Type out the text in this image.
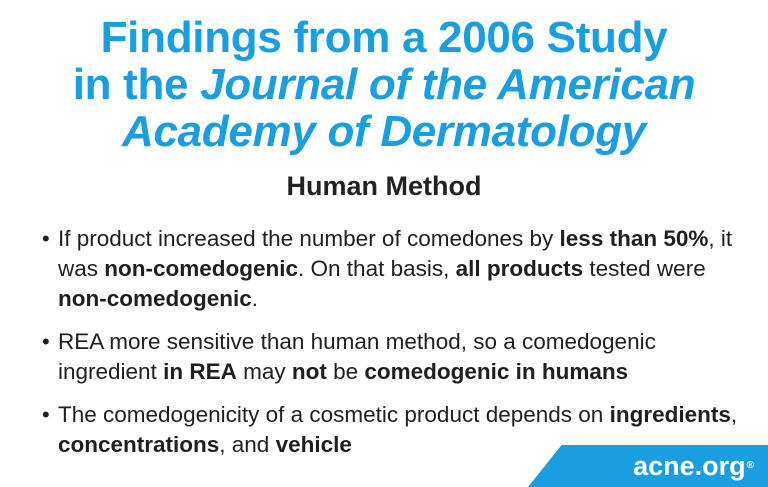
Findings from a 2006 Study
in the Journal of the American
Academy of Dermatology
Human Method
• If product increased the number of comedones by less than 50%, it was non-comedogenic. On that basis, all products tested were non-comedogenic.
• REA more sensitive than human method, so a comedogenic ingredient in REA may not be comedogenic in humans
• The comedogenicity of a cosmetic product depends on ingredients, concentrations, and vehicle
acne.org®
